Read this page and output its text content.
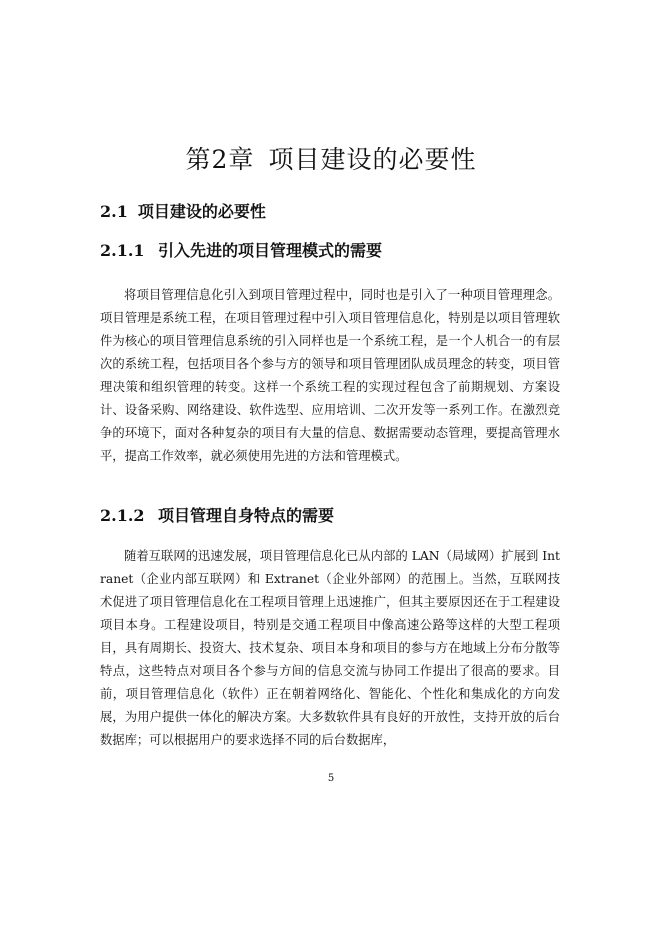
第2章 项目建设的必要性
2.1 项目建设的必要性
2.1.1 引入先进的项目管理模式的需要

将项目管理信息化引入到项目管理过程中，同时也是引入了一种项目管理理念。项目管理是系统工程，在项目管理过程中引入项目管理信息化，特别是以项目管理软件为核心的项目管理信息系统的引入同样也是一个系统工程，是一个人机合一的有层次的系统工程，包括项目各个参与方的领导和项目管理团队成员理念的转变，项目管理决策和组织管理的转变。这样一个系统工程的实现过程包含了前期规划、方案设计、设备采购、网络建设、软件选型、应用培训、二次开发等一系列工作。在激烈竞争的环境下，面对各种复杂的项目有大量的信息、数据需要动态管理，要提高管理水平，提高工作效率，就必须使用先进的方法和管理模式。

2.1.2 项目管理自身特点的需要

随着互联网的迅速发展，项目管理信息化已从内部的 LAN（局域网）扩展到 Intranet（企业内部互联网）和 Extranet（企业外部网）的范围上。当然，互联网技术促进了项目管理信息化在工程项目管理上迅速推广，但其主要原因还在于工程建设项目本身。工程建设项目，特别是交通工程项目中像高速公路等这样的大型工程项目，具有周期长、投资大、技术复杂、项目本身和项目的参与方在地域上分布分散等特点，这些特点对项目各个参与方间的信息交流与协同工作提出了很高的要求。目前，项目管理信息化（软件）正在朝着网络化、智能化、个性化和集成化的方向发展，为用户提供一体化的解决方案。大多数软件具有良好的开放性，支持开放的后台数据库；可以根据用户的要求选择不同的后台数据库，

5
